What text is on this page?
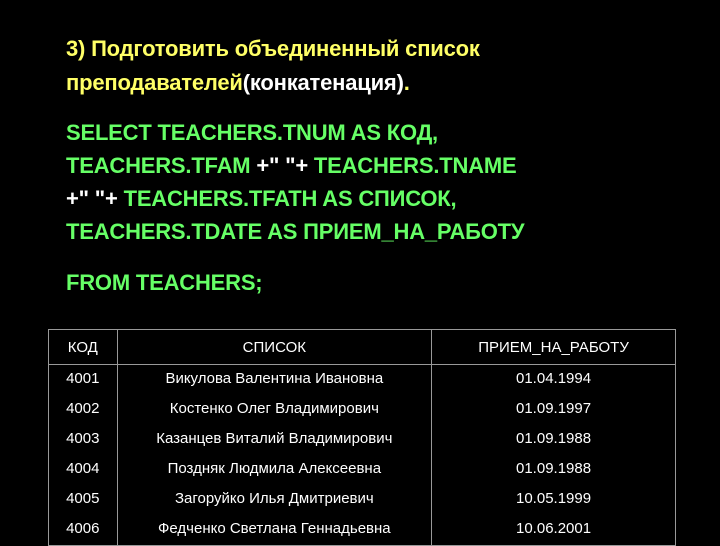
3) Подготовить объединенный список
преподавателей(конкатенация).
SELECT TEACHERS.TNUM AS КОД,
TEACHERS.TFAM +" "+ TEACHERS.TNAME
+" "+ TEACHERS.TFATH AS СПИСОК,
TEACHERS.TDATE AS ПРИЕМ_НА_РАБОТУ
FROM TEACHERS;
КОД	СПИСОК	ПРИЕМ_НА_РАБОТУ
4001	Викулова Валентина Ивановна	01.04.1994
4002	Костенко Олег Владимирович	01.09.1997
4003	Казанцев Виталий Владимирович	01.09.1988
4004	Поздняк Людмила Алексеевна	01.09.1988
4005	Загоруйко Илья Дмитриевич	10.05.1999
4006	Федченко Светлана Геннадьевна	10.06.2001
